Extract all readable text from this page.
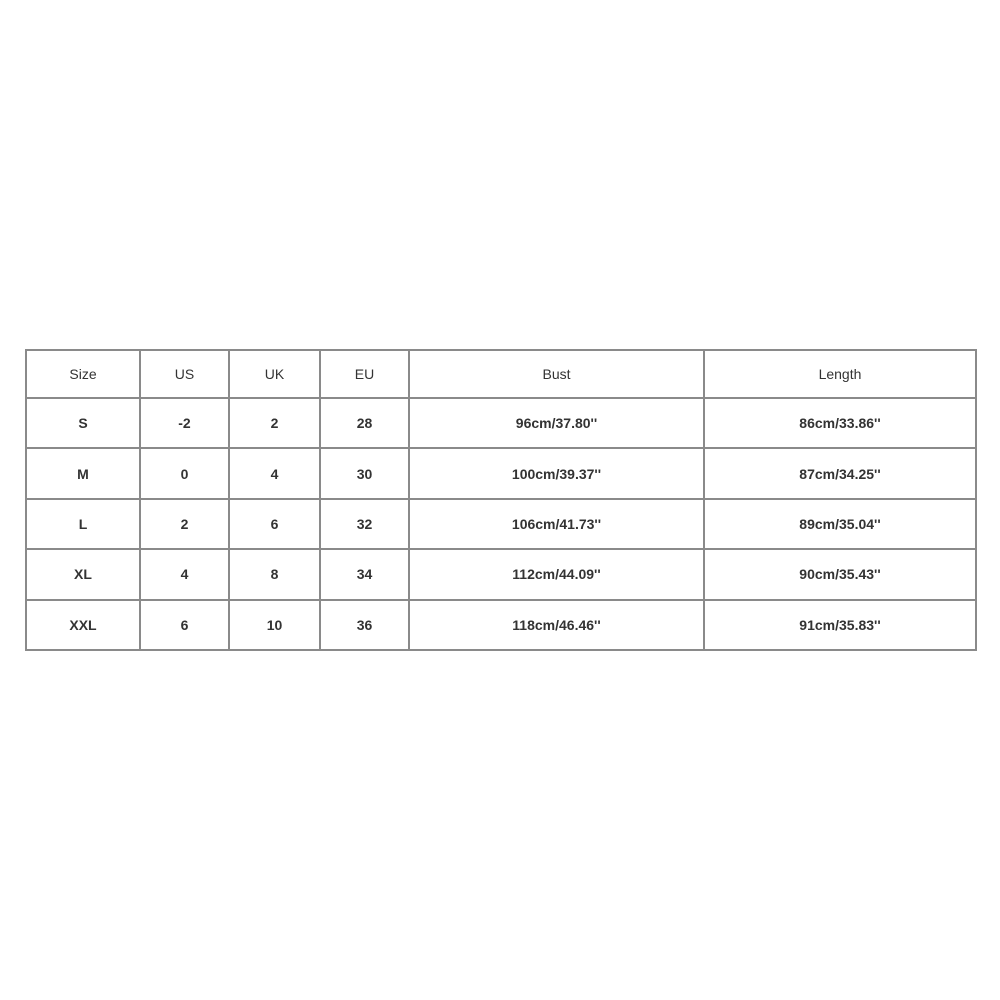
Size	US	UK	EU	Bust	Length
S	-2	2	28	96cm/37.80''	86cm/33.86''
M	0	4	30	100cm/39.37''	87cm/34.25''
L	2	6	32	106cm/41.73''	89cm/35.04''
XL	4	8	34	112cm/44.09''	90cm/35.43''
XXL	6	10	36	118cm/46.46''	91cm/35.83''
